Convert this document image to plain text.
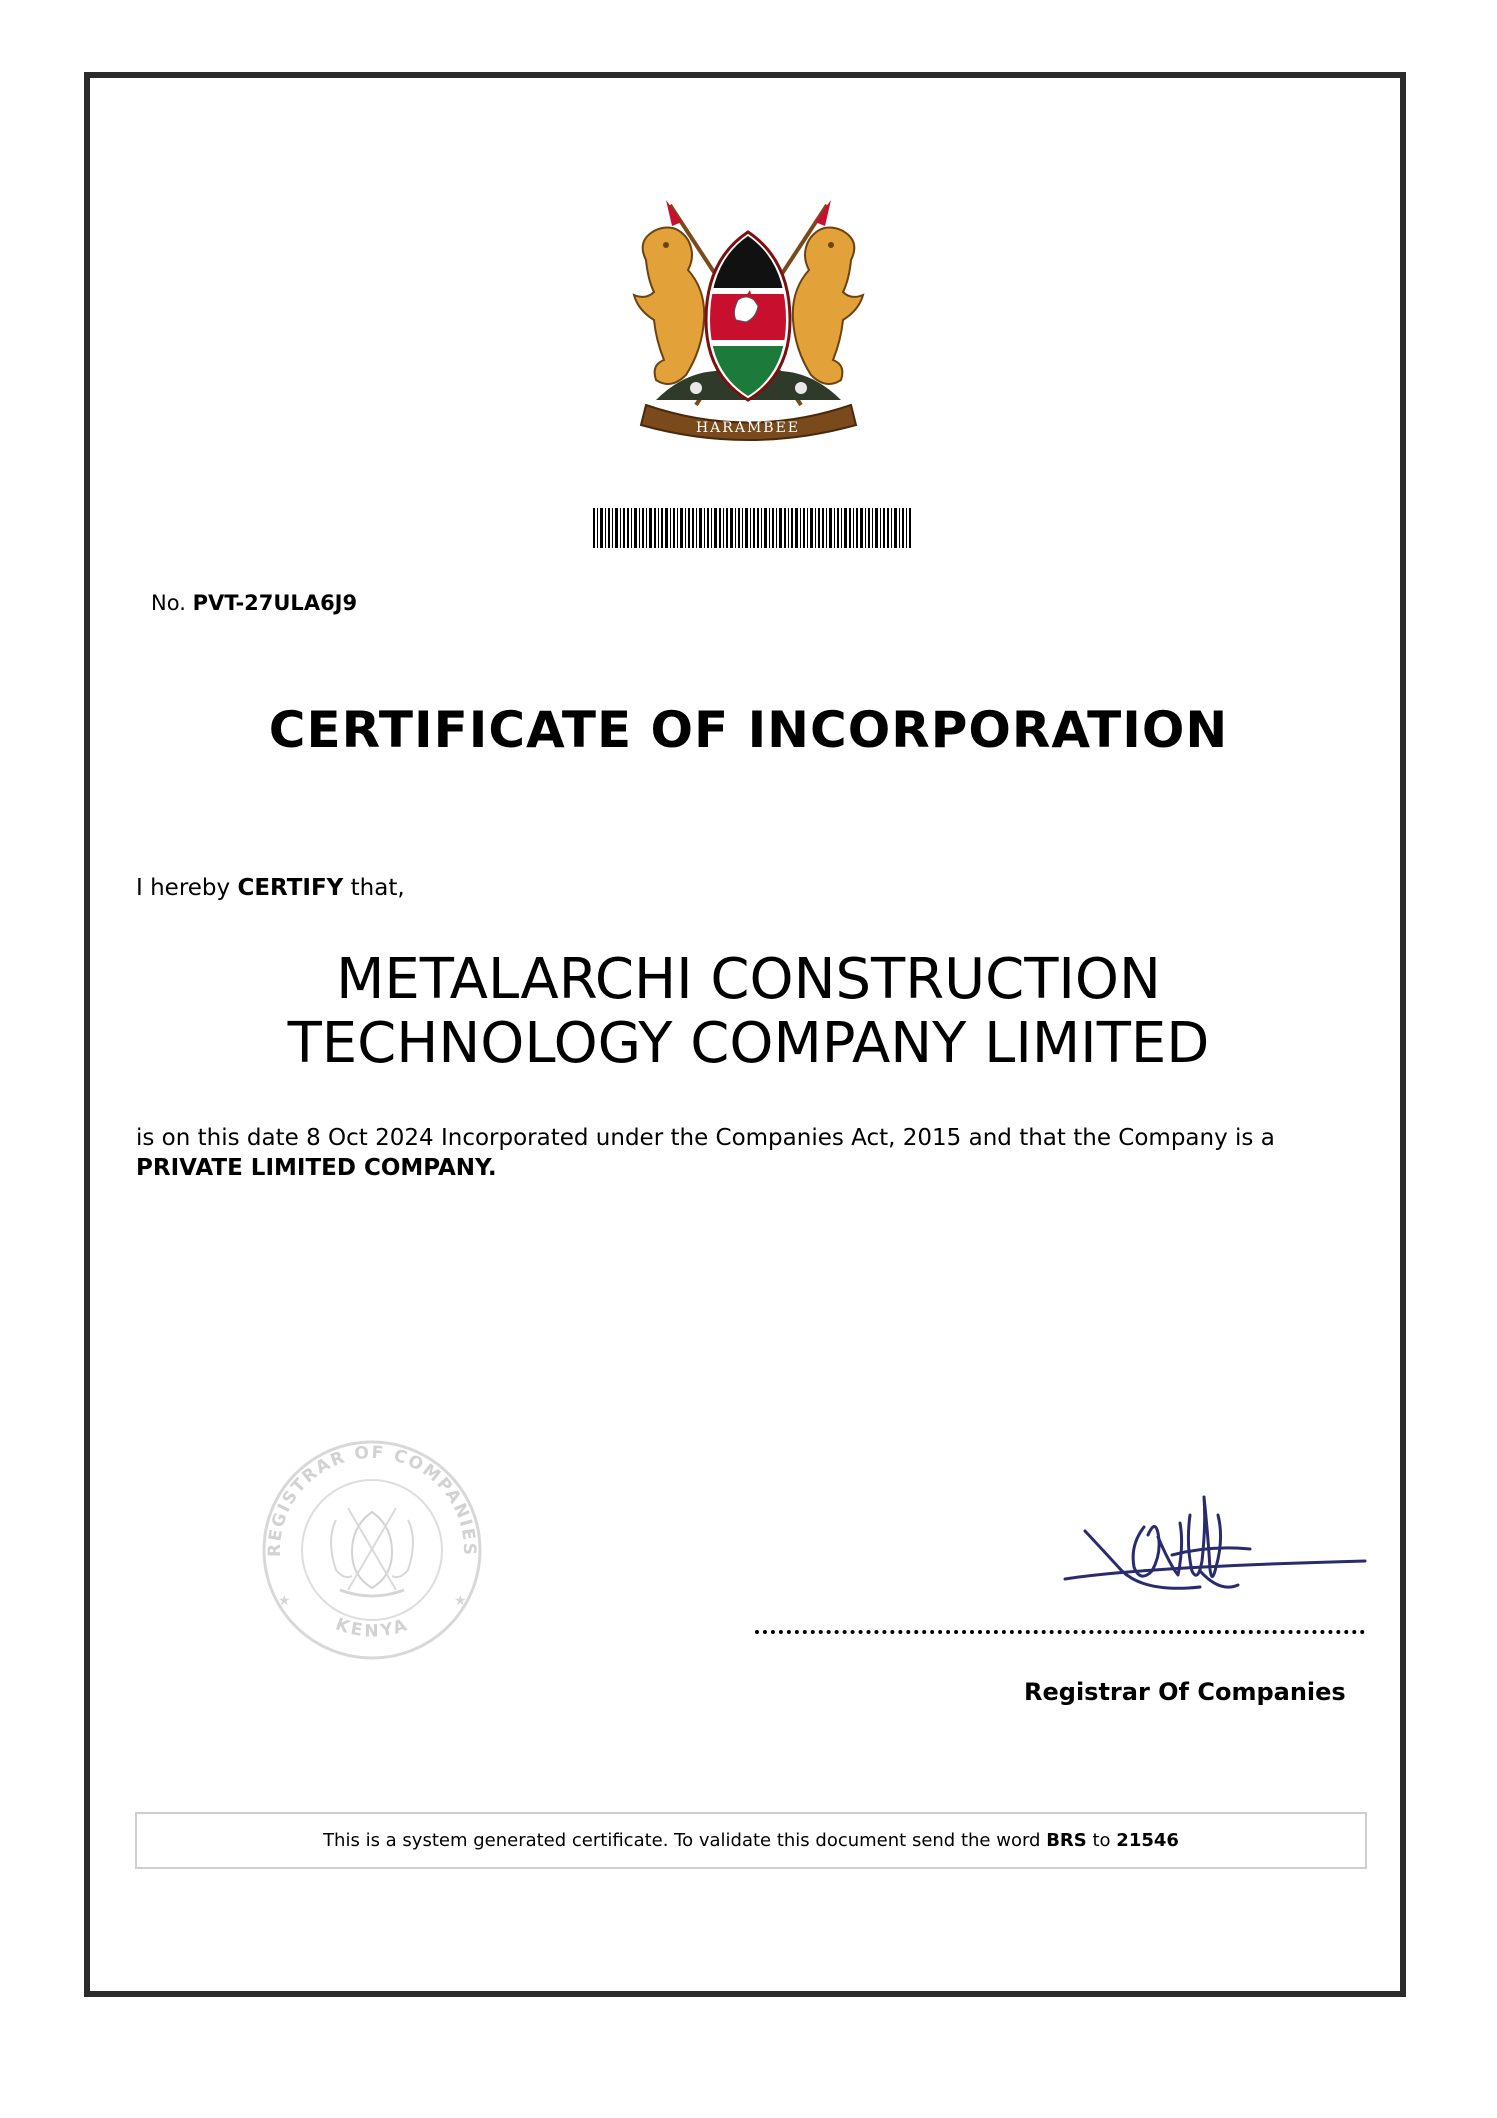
HARAMBEE
No. PVT-27ULA6J9
CERTIFICATE OF INCORPORATION
I hereby CERTIFY that,
METALARCHI CONSTRUCTION
TECHNOLOGY COMPANY LIMITED
is on this date 8 Oct 2024 Incorporated under the Companies Act, 2015 and that the Company is a
PRIVATE LIMITED COMPANY.
REGISTRAR OF COMPANIES
KENYA
★	★
Registrar Of Companies
This is a system generated certificate. To validate this document send the word BRS to 21546
